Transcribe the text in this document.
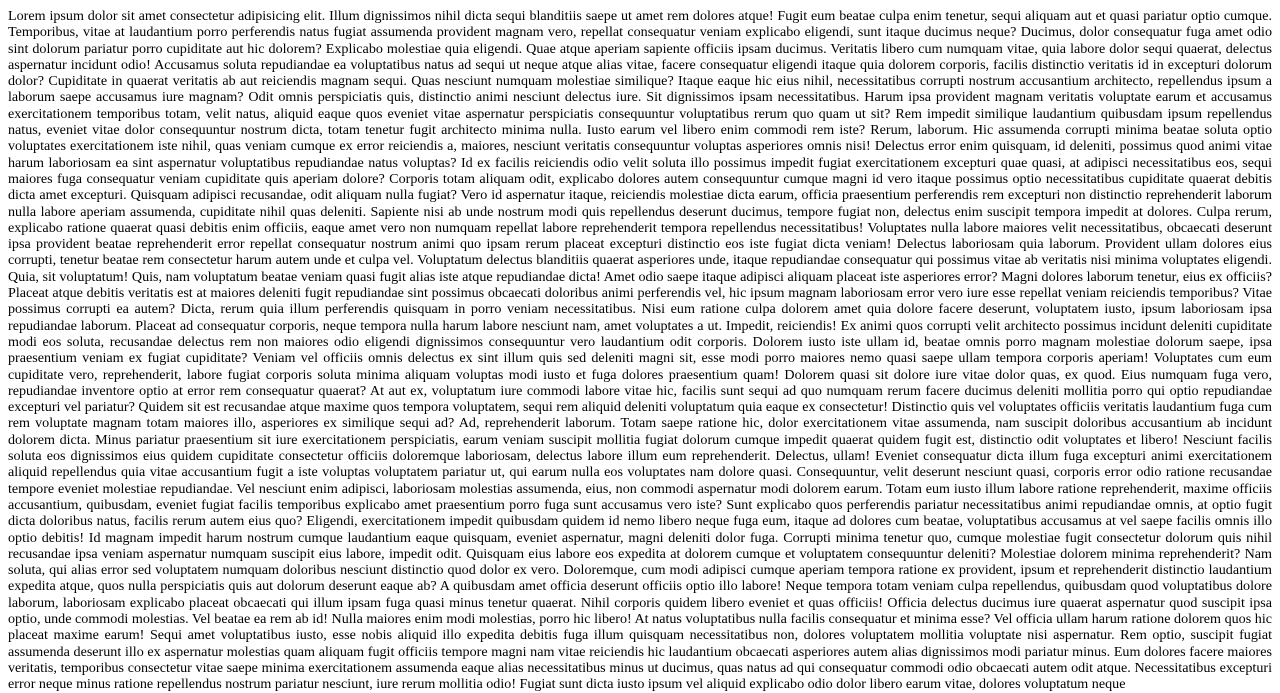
Lorem ipsum dolor sit amet consectetur adipisicing elit. Illum dignissimos nihil dicta sequi blanditiis saepe ut amet rem dolores atque! Fugit eum beatae culpa enim tenetur, sequi aliquam aut et quasi pariatur optio cumque. Temporibus, vitae at laudantium porro perferendis natus fugiat assumenda provident magnam vero, repellat consequatur veniam explicabo eligendi, sunt itaque ducimus neque? Ducimus, dolor consequatur fuga amet odio sint dolorum pariatur porro cupiditate aut hic dolorem? Explicabo molestiae quia eligendi. Quae atque aperiam sapiente officiis ipsam ducimus. Veritatis libero cum numquam vitae, quia labore dolor sequi quaerat, delectus aspernatur incidunt odio! Accusamus soluta repudiandae ea voluptatibus natus ad sequi ut neque atque alias vitae, facere consequatur eligendi itaque quia dolorem corporis, facilis distinctio veritatis id in excepturi dolorum dolor? Cupiditate in quaerat veritatis ab aut reiciendis magnam sequi. Quas nesciunt numquam molestiae similique? Itaque eaque hic eius nihil, necessitatibus corrupti nostrum accusantium architecto, repellendus ipsum a laborum saepe accusamus iure magnam? Odit omnis perspiciatis quis, distinctio animi nesciunt delectus iure. Sit dignissimos ipsam necessitatibus. Harum ipsa provident magnam veritatis voluptate earum et accusamus exercitationem temporibus totam, velit natus, aliquid eaque quos eveniet vitae aspernatur perspiciatis consequuntur voluptatibus rerum quo quam ut sit? Rem impedit similique laudantium quibusdam ipsum repellendus natus, eveniet vitae dolor consequuntur nostrum dicta, totam tenetur fugit architecto minima nulla. Iusto earum vel libero enim commodi rem iste? Rerum, laborum. Hic assumenda corrupti minima beatae soluta optio voluptates exercitationem iste nihil, quas veniam cumque ex error reiciendis a, maiores, nesciunt veritatis consequuntur voluptas asperiores omnis nisi! Delectus error enim quisquam, id deleniti, possimus quod animi vitae harum laboriosam ea sint aspernatur voluptatibus repudiandae natus voluptas? Id ex facilis reiciendis odio velit soluta illo possimus impedit fugiat exercitationem excepturi quae quasi, at adipisci necessitatibus eos, sequi maiores fuga consequatur veniam cupiditate quis aperiam dolore? Corporis totam aliquam odit, explicabo dolores autem consequuntur cumque magni id vero itaque possimus optio necessitatibus cupiditate quaerat debitis dicta amet excepturi. Quisquam adipisci recusandae, odit aliquam nulla fugiat? Vero id aspernatur itaque, reiciendis molestiae dicta earum, officia praesentium perferendis rem excepturi non distinctio reprehenderit laborum nulla labore aperiam assumenda, cupiditate nihil quas deleniti. Sapiente nisi ab unde nostrum modi quis repellendus deserunt ducimus, tempore fugiat non, delectus enim suscipit tempora impedit at dolores. Culpa rerum, explicabo ratione quaerat quasi debitis enim officiis, eaque amet vero non numquam repellat labore reprehenderit tempora repellendus necessitatibus! Voluptates nulla labore maiores velit necessitatibus, obcaecati deserunt ipsa provident beatae reprehenderit error repellat consequatur nostrum animi quo ipsam rerum placeat excepturi distinctio eos iste fugiat dicta veniam! Delectus laboriosam quia laborum. Provident ullam dolores eius corrupti, tenetur beatae rem consectetur harum autem unde et culpa vel. Voluptatum delectus blanditiis quaerat asperiores unde, itaque repudiandae consequatur qui possimus vitae ab veritatis nisi minima voluptates eligendi. Quia, sit voluptatum! Quis, nam voluptatum beatae veniam quasi fugit alias iste atque repudiandae dicta! Amet odio saepe itaque adipisci aliquam placeat iste asperiores error? Magni dolores laborum tenetur, eius ex officiis? Placeat atque debitis veritatis est at maiores deleniti fugit repudiandae sint possimus obcaecati doloribus animi perferendis vel, hic ipsum magnam laboriosam error vero iure esse repellat veniam reiciendis temporibus? Vitae possimus corrupti ea autem? Dicta, rerum quia illum perferendis quisquam in porro veniam necessitatibus. Nisi eum ratione culpa dolorem amet quia dolore facere deserunt, voluptatem iusto, ipsum laboriosam ipsa repudiandae laborum. Placeat ad consequatur corporis, neque tempora nulla harum labore nesciunt nam, amet voluptates a ut. Impedit, reiciendis! Ex animi quos corrupti velit architecto possimus incidunt deleniti cupiditate modi eos soluta, recusandae delectus rem non maiores odio eligendi dignissimos consequuntur vero laudantium odit corporis. Dolorem iusto iste ullam id, beatae omnis porro magnam molestiae dolorum saepe, ipsa praesentium veniam ex fugiat cupiditate? Veniam vel officiis omnis delectus ex sint illum quis sed deleniti magni sit, esse modi porro maiores nemo quasi saepe ullam tempora corporis aperiam! Voluptates cum eum cupiditate vero, reprehenderit, labore fugiat corporis soluta minima aliquam voluptas modi iusto et fuga dolores praesentium quam! Dolorem quasi sit dolore iure vitae dolor quas, ex quod. Eius numquam fuga vero, repudiandae inventore optio at error rem consequatur quaerat? At aut ex, voluptatum iure commodi labore vitae hic, facilis sunt sequi ad quo numquam rerum facere ducimus deleniti mollitia porro qui optio repudiandae excepturi vel pariatur? Quidem sit est recusandae atque maxime quos tempora voluptatem, sequi rem aliquid deleniti voluptatum quia eaque ex consectetur! Distinctio quis vel voluptates officiis veritatis laudantium fuga cum rem voluptate magnam totam maiores illo, asperiores ex similique sequi ad? Ad, reprehenderit laborum. Totam saepe ratione hic, dolor exercitationem vitae assumenda, nam suscipit doloribus accusantium ab incidunt dolorem dicta. Minus pariatur praesentium sit iure exercitationem perspiciatis, earum veniam suscipit mollitia fugiat dolorum cumque impedit quaerat quidem fugit est, distinctio odit voluptates et libero! Nesciunt facilis soluta eos dignissimos eius quidem cupiditate consectetur officiis doloremque laboriosam, delectus labore illum eum reprehenderit. Delectus, ullam! Eveniet consequatur dicta illum fuga excepturi animi exercitationem aliquid repellendus quia vitae accusantium fugit a iste voluptas voluptatem pariatur ut, qui earum nulla eos voluptates nam dolore quasi. Consequuntur, velit deserunt nesciunt quasi, corporis error odio ratione recusandae tempore eveniet molestiae repudiandae. Vel nesciunt enim adipisci, laboriosam molestias assumenda, eius, non commodi aspernatur modi dolorem earum. Totam eum iusto illum labore ratione reprehenderit, maxime officiis accusantium, quibusdam, eveniet fugiat facilis temporibus explicabo amet praesentium porro fuga sunt accusamus vero iste? Sunt explicabo quos perferendis pariatur necessitatibus animi repudiandae omnis, at optio fugit dicta doloribus natus, facilis rerum autem eius quo? Eligendi, exercitationem impedit quibusdam quidem id nemo libero neque fuga eum, itaque ad dolores cum beatae, voluptatibus accusamus at vel saepe facilis omnis illo optio debitis! Id magnam impedit harum nostrum cumque laudantium eaque quisquam, eveniet aspernatur, magni deleniti dolor fuga. Corrupti minima tenetur quo, cumque molestiae fugit consectetur dolorum quis nihil recusandae ipsa veniam aspernatur numquam suscipit eius labore, impedit odit. Quisquam eius labore eos expedita at dolorem cumque et voluptatem consequuntur deleniti? Molestiae dolorem minima reprehenderit? Nam soluta, qui alias error sed voluptatem numquam doloribus nesciunt distinctio quod dolor ex vero. Doloremque, cum modi adipisci cumque aperiam tempora ratione ex provident, ipsum et reprehenderit distinctio laudantium expedita atque, quos nulla perspiciatis quis aut dolorum deserunt eaque ab? A quibusdam amet officia deserunt officiis optio illo labore! Neque tempora totam veniam culpa repellendus, quibusdam quod voluptatibus dolore laborum, laboriosam explicabo placeat obcaecati qui illum ipsam fuga quasi minus tenetur quaerat. Nihil corporis quidem libero eveniet et quas officiis! Officia delectus ducimus iure quaerat aspernatur quod suscipit ipsa optio, unde commodi molestias. Vel beatae ea rem ab id! Nulla maiores enim modi molestias, porro hic libero! At natus voluptatibus nulla facilis consequatur et minima esse? Vel officia ullam harum ratione dolorem quos hic placeat maxime earum! Sequi amet voluptatibus iusto, esse nobis aliquid illo expedita debitis fuga illum quisquam necessitatibus non, dolores voluptatem mollitia voluptate nisi aspernatur. Rem optio, suscipit fugiat assumenda deserunt illo ex aspernatur molestias quam aliquam fugit officiis tempore magni nam vitae reiciendis hic laudantium obcaecati asperiores autem alias dignissimos modi pariatur minus. Eum dolores facere maiores veritatis, temporibus consectetur vitae saepe minima exercitationem assumenda eaque alias necessitatibus minus ut ducimus, quas natus ad qui consequatur commodi odio obcaecati autem odit atque. Necessitatibus excepturi error neque minus ratione repellendus nostrum pariatur nesciunt, iure rerum mollitia odio! Fugiat sunt dicta iusto ipsum vel aliquid explicabo odio dolor libero earum vitae, dolores voluptatum neque
